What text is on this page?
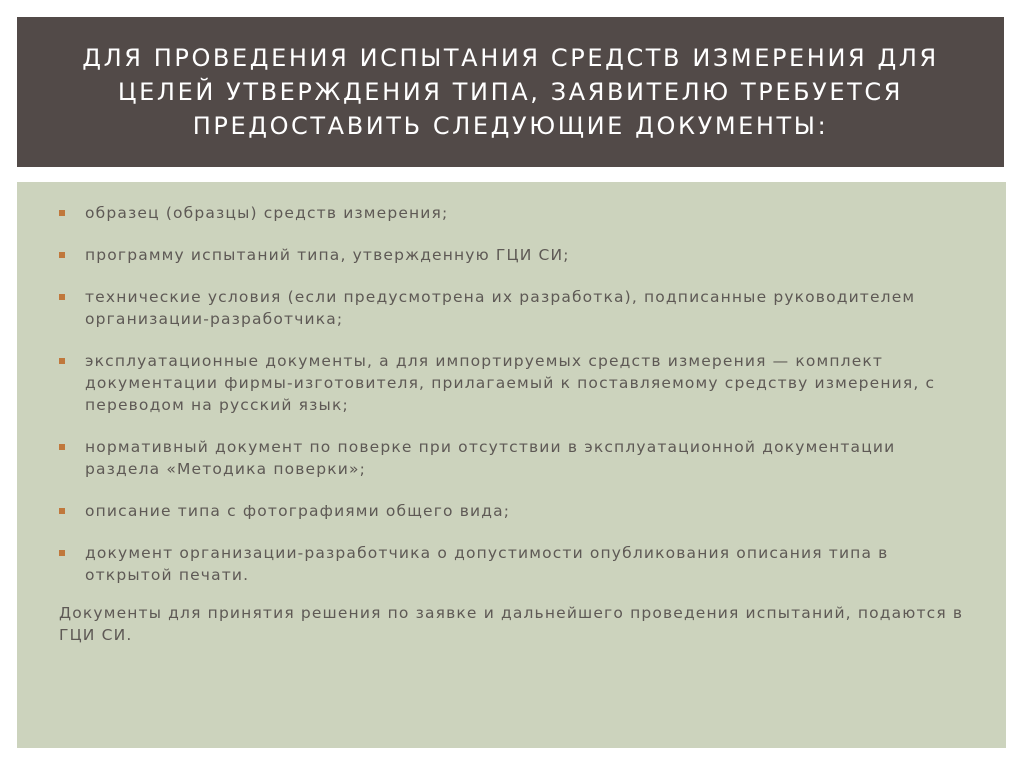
ДЛЯ ПРОВЕДЕНИЯ ИСПЫТАНИЯ СРЕДСТВ ИЗМЕРЕНИЯ ДЛЯ ЦЕЛЕЙ УТВЕРЖДЕНИЯ ТИПА, ЗАЯВИТЕЛЮ ТРЕБУЕТСЯ ПРЕДОСТАВИТЬ СЛЕДУЮЩИЕ ДОКУМЕНТЫ:
образец (образцы) средств измерения;
программу испытаний типа, утвержденную ГЦИ СИ;
технические условия (если предусмотрена их разработка), подписанные руководителем организации-разработчика;
эксплуатационные документы, а для импортируемых средств измерения — комплект документации фирмы-изготовителя, прилагаемый к поставляемому средству измерения, с переводом на русский язык;
нормативный документ по поверке при отсутствии в эксплуатационной документации раздела «Методика поверки»;
описание типа с фотографиями общего вида;
документ организации-разработчика о допустимости опубликования описания типа в открытой печати.

Документы для принятия решения по заявке и дальнейшего проведения испытаний, подаются в ГЦИ СИ.
